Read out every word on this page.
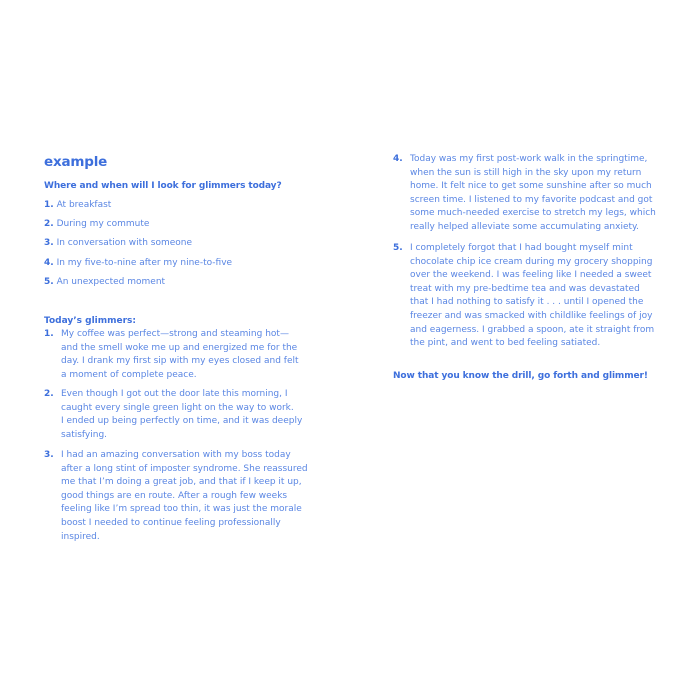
example
Where and when will I look for glimmers today?
1. At breakfast
2. During my commute
3. In conversation with someone
4. In my five-to-nine after my nine-to-five
5. An unexpected moment
Today’s glimmers:
1. My coffee was perfect—strong and steaming hot—
and the smell woke me up and energized me for the
day. I drank my first sip with my eyes closed and felt
a moment of complete peace.
2. Even though I got out the door late this morning, I
caught every single green light on the way to work.
I ended up being perfectly on time, and it was deeply
satisfying.
3. I had an amazing conversation with my boss today
after a long stint of imposter syndrome. She reassured
me that I’m doing a great job, and that if I keep it up,
good things are en route. After a rough few weeks
feeling like I’m spread too thin, it was just the morale
boost I needed to continue feeling professionally
inspired.
4. Today was my first post-work walk in the springtime,
when the sun is still high in the sky upon my return
home. It felt nice to get some sunshine after so much
screen time. I listened to my favorite podcast and got
some much-needed exercise to stretch my legs, which
really helped alleviate some accumulating anxiety.
5. I completely forgot that I had bought myself mint
chocolate chip ice cream during my grocery shopping
over the weekend. I was feeling like I needed a sweet
treat with my pre-bedtime tea and was devastated
that I had nothing to satisfy it . . . until I opened the
freezer and was smacked with childlike feelings of joy
and eagerness. I grabbed a spoon, ate it straight from
the pint, and went to bed feeling satiated.
Now that you know the drill, go forth and glimmer!
